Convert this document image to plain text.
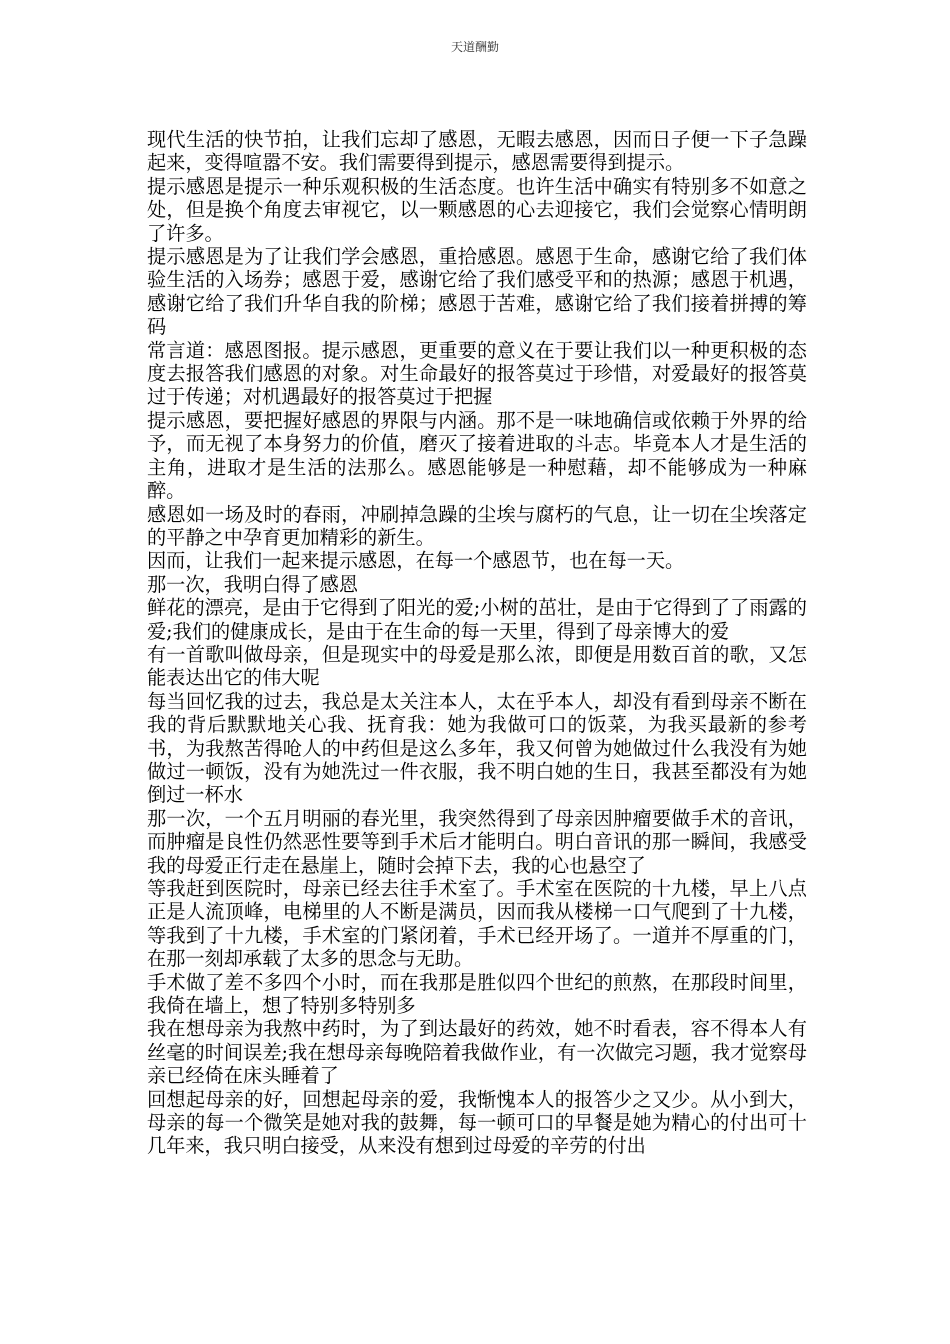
天道酬勤

现代生活的快节拍，让我们忘却了感恩，无暇去感恩，因而日子便一下子急躁起来，变得喧嚣不安。我们需要得到提示，感恩需要得到提示。

提示感恩是提示一种乐观积极的生活态度。也许生活中确实有特别多不如意之处，但是换个角度去审视它，以一颗感恩的心去迎接它，我们会觉察心情明朗了许多。

提示感恩是为了让我们学会感恩，重拾感恩。感恩于生命，感谢它给了我们体验生活的入场券；感恩于爱，感谢它给了我们感受平和的热源；感恩于机遇，感谢它给了我们升华自我的阶梯；感恩于苦难，感谢它给了我们接着拼搏的筹码

常言道：感恩图报。提示感恩，更重要的意义在于要让我们以一种更积极的态度去报答我们感恩的对象。对生命最好的报答莫过于珍惜，对爱最好的报答莫过于传递；对机遇最好的报答莫过于把握

提示感恩，要把握好感恩的界限与内涵。那不是一味地确信或依赖于外界的给予，而无视了本身努力的价值，磨灭了接着进取的斗志。毕竟本人才是生活的主角，进取才是生活的法那么。感恩能够是一种慰藉，却不能够成为一种麻醉。

感恩如一场及时的春雨，冲刷掉急躁的尘埃与腐朽的气息，让一切在尘埃落定的平静之中孕育更加精彩的新生。

因而，让我们一起来提示感恩，在每一个感恩节，也在每一天。

那一次，我明白得了感恩

鲜花的漂亮，是由于它得到了阳光的爱;小树的茁壮，是由于它得到了了雨露的爱;我们的健康成长，是由于在生命的每一天里，得到了母亲博大的爱

有一首歌叫做母亲，但是现实中的母爱是那么浓，即便是用数百首的歌，又怎能表达出它的伟大呢

每当回忆我的过去，我总是太关注本人，太在乎本人，却没有看到母亲不断在我的背后默默地关心我、抚育我：她为我做可口的饭菜，为我买最新的参考书，为我熬苦得呛人的中药但是这么多年，我又何曾为她做过什么我没有为她做过一顿饭，没有为她洗过一件衣服，我不明白她的生日，我甚至都没有为她倒过一杯水

那一次，一个五月明丽的春光里，我突然得到了母亲因肿瘤要做手术的音讯，而肿瘤是良性仍然恶性要等到手术后才能明白。明白音讯的那一瞬间，我感受我的母爱正行走在悬崖上，随时会掉下去，我的心也悬空了

等我赶到医院时，母亲已经去往手术室了。手术室在医院的十九楼，早上八点正是人流顶峰，电梯里的人不断是满员，因而我从楼梯一口气爬到了十九楼，等我到了十九楼，手术室的门紧闭着，手术已经开场了。一道并不厚重的门，在那一刻却承载了太多的思念与无助。

手术做了差不多四个小时，而在我那是胜似四个世纪的煎熬，在那段时间里，我倚在墙上，想了特别多特别多

我在想母亲为我熬中药时，为了到达最好的药效，她不时看表，容不得本人有丝毫的时间误差;我在想母亲每晚陪着我做作业，有一次做完习题，我才觉察母亲已经倚在床头睡着了

回想起母亲的好，回想起母亲的爱，我惭愧本人的报答少之又少。从小到大，母亲的每一个微笑是她对我的鼓舞，每一顿可口的早餐是她为精心的付出可十几年来，我只明白接受，从来没有想到过母爱的辛劳的付出
